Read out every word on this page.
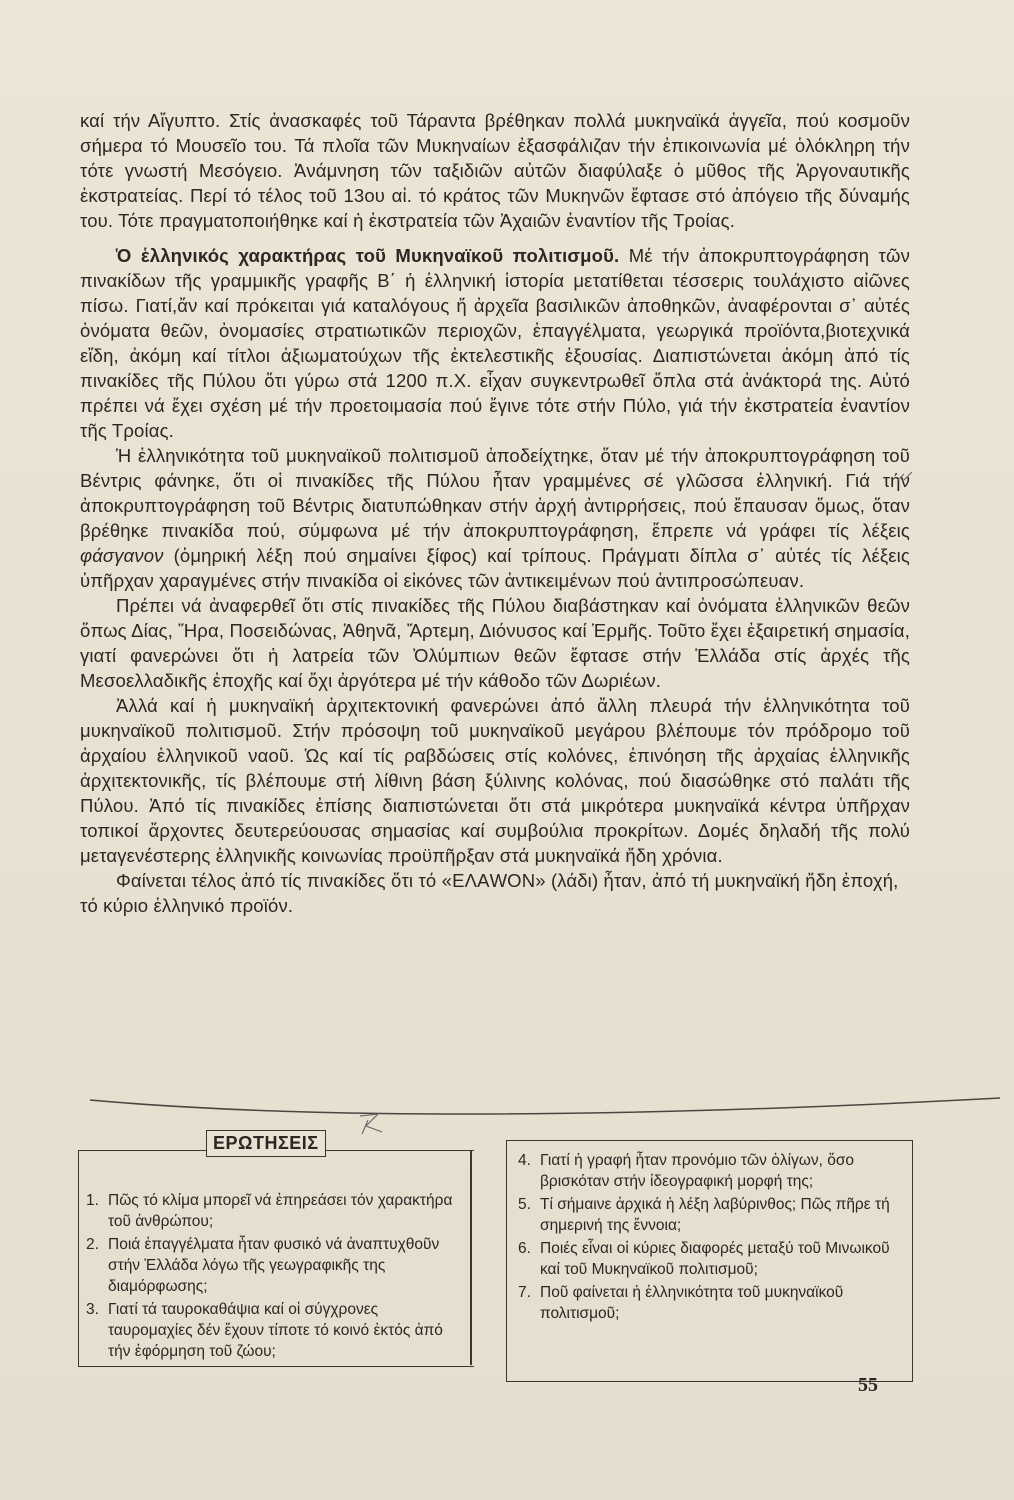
καί τήν Αἴγυπτο. Στίς ἀνασκαφές τοῦ Τάραντα βρέθηκαν πολλά μυκηναϊκά ἀγγεῖα, πού κοσμοῦν σήμερα τό Μουσεῖο του. Τά πλοῖα τῶν Μυκηναίων ἐξασφάλιζαν τήν ἐπικοινωνία μέ ὁλόκληρη τήν τότε γνωστή Μεσόγειο. Ἀνάμνηση τῶν ταξιδιῶν αὐτῶν διαφύλαξε ὁ μῦθος τῆς Ἀργοναυτικῆς ἐκστρατείας. Περί τό τέλος τοῦ 13ου αἰ. τό κράτος τῶν Μυκηνῶν ἔφτασε στό ἀπόγειο τῆς δύναμής του. Τότε πραγματοποιήθηκε καί ἡ ἐκστρατεία τῶν Ἀχαιῶν ἐναντίον τῆς Τροίας.

Ὁ ἑλληνικός χαρακτήρας τοῦ Μυκηναϊκοῦ πολιτισμοῦ. Μέ τήν ἀποκρυπτογράφηση τῶν πινακίδων τῆς γραμμικῆς γραφῆς Β΄ ἡ ἑλληνική ἱστορία μετατίθεται τέσσερις τουλάχιστο αἰῶνες πίσω. Γιατί,ἄν καί πρόκειται γιά καταλόγους ἤ ἀρχεῖα βασιλικῶν ἀποθηκῶν, ἀναφέρονται σ᾿ αὐτές ὀνόματα θεῶν, ὀνομασίες στρατιωτικῶν περιοχῶν, ἐπαγγέλματα, γεωργικά προϊόντα,βιοτεχνικά εἴδη, ἀκόμη καί τίτλοι ἀξιωματούχων τῆς ἐκτελεστικῆς ἐξουσίας. Διαπιστώνεται ἀκόμη ἀπό τίς πινακίδες τῆς Πύλου ὅτι γύρω στά 1200 π.Χ. εἶχαν συγκεντρωθεῖ ὅπλα στά ἀνάκτορά της. Αὐτό πρέπει νά ἔχει σχέση μέ τήν προετοιμασία πού ἔγινε τότε στήν Πύλο, γιά τήν ἐκστρατεία ἐναντίον τῆς Τροίας.

Ἡ ἑλληνικότητα τοῦ μυκηναϊκοῦ πολιτισμοῦ ἀποδείχτηκε, ὅταν μέ τήν ἀποκρυπτογράφηση τοῦ Βέντρις φάνηκε, ὅτι οἱ πινακίδες τῆς Πύλου ἦταν γραμμένες σέ γλῶσσα ἑλληνική. Γιά τήν ἀποκρυπτογράφηση τοῦ Βέντρις διατυπώθηκαν στήν ἀρχή ἀντιρρήσεις, πού ἔπαυσαν ὅμως, ὅταν βρέθηκε πινακίδα πού, σύμφωνα μέ τήν ἀποκρυπτογράφηση, ἔπρεπε νά γράφει τίς λέξεις φάσγανον (ὁμηρική λέξη πού σημαίνει ξίφος) καί τρίπους. Πράγματι δίπλα σ᾿ αὐτές τίς λέξεις ὑπῆρχαν χαραγμένες στήν πινακίδα οἱ εἰκόνες τῶν ἀντικειμένων πού ἀντιπροσώπευαν.

Πρέπει νά ἀναφερθεῖ ὅτι στίς πινακίδες τῆς Πύλου διαβάστηκαν καί ὀνόματα ἑλληνικῶν θεῶν ὅπως Δίας, Ἥρα, Ποσειδώνας, Ἀθηνᾶ, Ἄρτεμη, Διόνυσος καί Ἑρμῆς. Τοῦτο ἔχει ἐξαιρετική σημασία, γιατί φανερώνει ὅτι ἡ λατρεία τῶν Ὀλύμπιων θεῶν ἔφτασε στήν Ἑλλάδα στίς ἀρχές τῆς Μεσοελλαδικῆς ἐποχῆς καί ὄχι ἀργότερα μέ τήν κάθοδο τῶν Δωριέων.

Ἀλλά καί ἡ μυκηναϊκή ἀρχιτεκτονική φανερώνει ἀπό ἄλλη πλευρά τήν ἑλληνικότητα τοῦ μυκηναϊκοῦ πολιτισμοῦ. Στήν πρόσοψη τοῦ μυκηναϊκοῦ μεγάρου βλέπουμε τόν πρόδρομο τοῦ ἀρχαίου ἑλληνικοῦ ναοῦ. Ὡς καί τίς ραβδώσεις στίς κολόνες, ἐπινόηση τῆς ἀρχαίας ἑλληνικῆς ἀρχιτεκτονικῆς, τίς βλέπουμε στή λίθινη βάση ξύλινης κολόνας, πού διασώθηκε στό παλάτι τῆς Πύλου. Ἀπό τίς πινακίδες ἐπίσης διαπιστώνεται ὅτι στά μικρότερα μυκηναϊκά κέντρα ὑπῆρχαν τοπικοί ἄρχοντες δευτερεύουσας σημασίας καί συμβούλια προκρίτων. Δομές δηλαδή τῆς πολύ μεταγενέστερης ἑλληνικῆς κοινωνίας προϋπῆρξαν στά μυκηναϊκά ἤδη χρόνια.

Φαίνεται τέλος ἀπό τίς πινακίδες ὅτι τό «ΕΛΑWON» (λάδι) ἦταν, ἀπό τή μυκηναϊκή ἤδη ἐποχή, τό κύριο ἑλληνικό προϊόν.

ΕΡΩΤΗΣΕΙΣ
1. Πῶς τό κλίμα μπορεῖ νά ἐπηρεάσει τόν χαρακτήρα τοῦ ἀνθρώπου;
2. Ποιά ἐπαγγέλματα ἦταν φυσικό νά ἀναπτυχθοῦν στήν Ἑλλάδα λόγω τῆς γεωγραφικῆς της διαμόρφωσης;
3. Γιατί τά ταυροκαθάψια καί οἱ σύγχρονες ταυρομαχίες δέν ἔχουν τίποτε τό κοινό ἐκτός ἀπό τήν ἐφόρμηση τοῦ ζώου;
4. Γιατί ἡ γραφή ἦταν προνόμιο τῶν ὀλίγων, ὅσο βρισκόταν στήν ἰδεογραφική μορφή της;
5. Τί σήμαινε ἀρχικά ἡ λέξη λαβύρινθος; Πῶς πῆρε τή σημερινή της ἔννοια;
6. Ποιές εἶναι οἱ κύριες διαφορές μεταξύ τοῦ Μινωικοῦ καί τοῦ Μυκηναϊκοῦ πολιτισμοῦ;
7. Ποῦ φαίνεται ἡ ἑλληνικότητα τοῦ μυκηναϊκοῦ πολιτισμοῦ;
55
